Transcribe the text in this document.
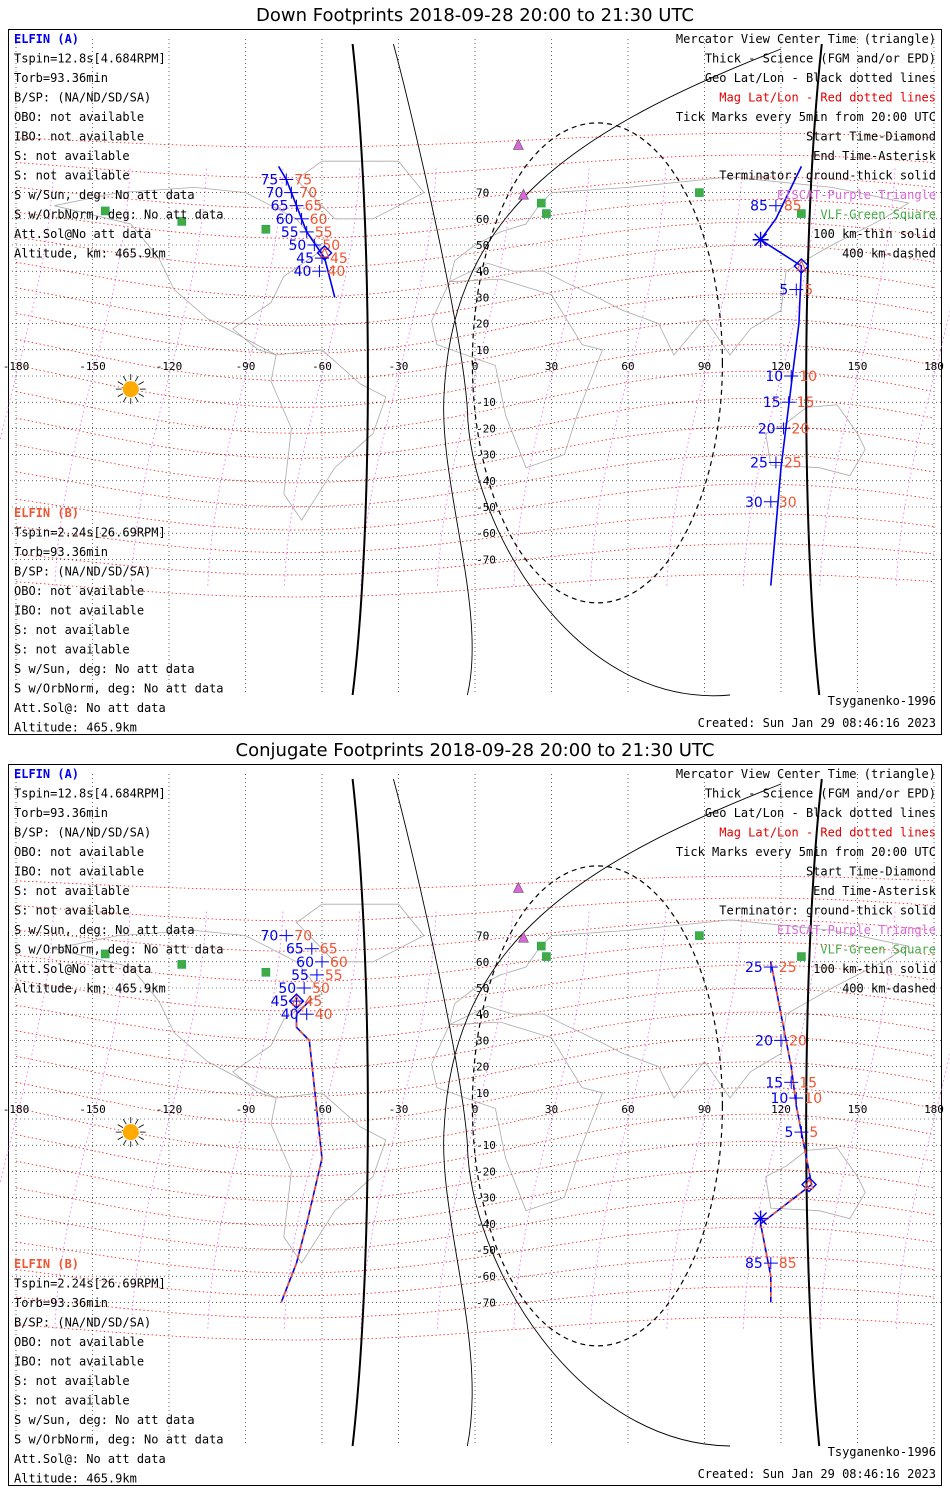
Down Footprints 2018-09-28 20:00 to 21:30 UTC
-180	-150	-120	-90	-60	-30	0	30	60	90	120	150	180
70
60
50
40
30
20
10
-10
-20
-30
-40
-50
-60
-70
75 75
70 70
65 65
60 60
55 55
50 50
45 45
40 40
85 85
5 5
10 10
15 15
20 20
25 25
30 30
ELFIN (A)
Tspin=12.8s[4.684RPM]
Torb=93.36min
B/SP: (NA/ND/SD/SA)
OBO: not available
IBO: not available
S: not available
S: not available
S w/Sun, deg: No att data
S w/OrbNorm, deg: No att data
Att.Sol@No att data
Altitude, km: 465.9km
ELFIN (B)
Tspin=2.24s[26.69RPM]
Torb=93.36min
B/SP: (NA/ND/SD/SA)
OBO: not available
IBO: not available
S: not available
S: not available
S w/Sun, deg: No att data
S w/OrbNorm, deg: No att data
Att.Sol@: No att data
Altitude: 465.9km
Mercator View Center Time (triangle)
Thick - Science (FGM and/or EPD)
Geo Lat/Lon - Black dotted lines
Mag Lat/Lon - Red dotted lines
Tick Marks every 5min from 20:00 UTC
Start Time-Diamond
End Time-Asterisk
Terminator: ground-thick solid
EISCAT-Purple Triangle
VLF-Green Square
100 km-thin solid
400 km-dashed
Tsyganenko-1996
Created: Sun Jan 29 08:46:16 2023
Conjugate Footprints 2018-09-28 20:00 to 21:30 UTC
-180	-150	-120	-90	-60	-30	0	30	60	90	120	150	180
70
60
50
40
30
20
10
-10
-20
-30
-40
-50
-60
-70
40 40
45 45
50 50
55 55
60 60
65 65
70 70
25 25
20 20
15 15
10 10
5 5
85 85
ELFIN (A)
Tspin=12.8s[4.684RPM]
Torb=93.36min
B/SP: (NA/ND/SD/SA)
OBO: not available
IBO: not available
S: not available
S: not available
S w/Sun, deg: No att data
S w/OrbNorm, deg: No att data
Att.Sol@No att data
Altitude, km: 465.9km
ELFIN (B)
Tspin=2.24s[26.69RPM]
Torb=93.36min
B/SP: (NA/ND/SD/SA)
OBO: not available
IBO: not available
S: not available
S: not available
S w/Sun, deg: No att data
S w/OrbNorm, deg: No att data
Att.Sol@: No att data
Altitude: 465.9km
Mercator View Center Time (triangle)
Thick - Science (FGM and/or EPD)
Geo Lat/Lon - Black dotted lines
Mag Lat/Lon - Red dotted lines
Tick Marks every 5min from 20:00 UTC
Start Time-Diamond
End Time-Asterisk
Terminator: ground-thick solid
EISCAT-Purple Triangle
VLF-Green Square
100 km-thin solid
400 km-dashed
Tsyganenko-1996
Created: Sun Jan 29 08:46:16 2023
